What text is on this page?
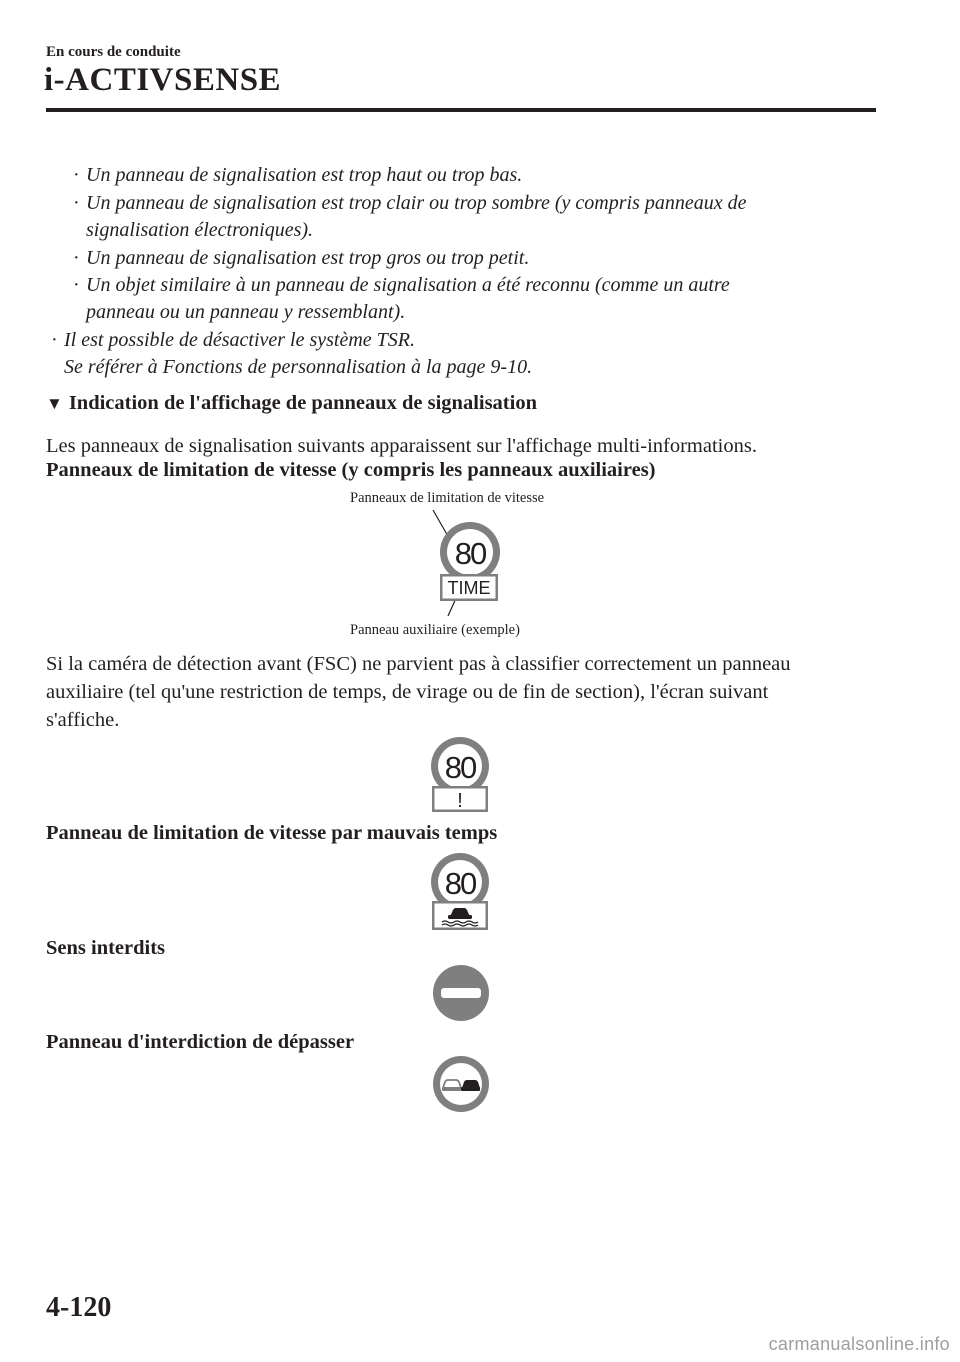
En cours de conduite
i-ACTIVSENSE
· Un panneau de signalisation est trop haut ou trop bas.
· Un panneau de signalisation est trop clair ou trop sombre (y compris panneaux de
signalisation électroniques).
· Un panneau de signalisation est trop gros ou trop petit.
· Un objet similaire à un panneau de signalisation a été reconnu (comme un autre
panneau ou un panneau y ressemblant).
· Il est possible de désactiver le système TSR.
Se référer à Fonctions de personnalisation à la page 9-10.
▼ Indication de l'affichage de panneaux de signalisation
Les panneaux de signalisation suivants apparaissent sur l'affichage multi-informations.
Panneaux de limitation de vitesse (y compris les panneaux auxiliaires)
Panneaux de limitation de vitesse
Panneau auxiliaire (exemple)
80
TIME
Si la caméra de détection avant (FSC) ne parvient pas à classifier correctement un panneau
auxiliaire (tel qu'une restriction de temps, de virage ou de fin de section), l'écran suivant
s'affiche.
80
!
Panneau de limitation de vitesse par mauvais temps
80
Sens interdits
Panneau d'interdiction de dépasser
4-120
carmanualsonline.info
